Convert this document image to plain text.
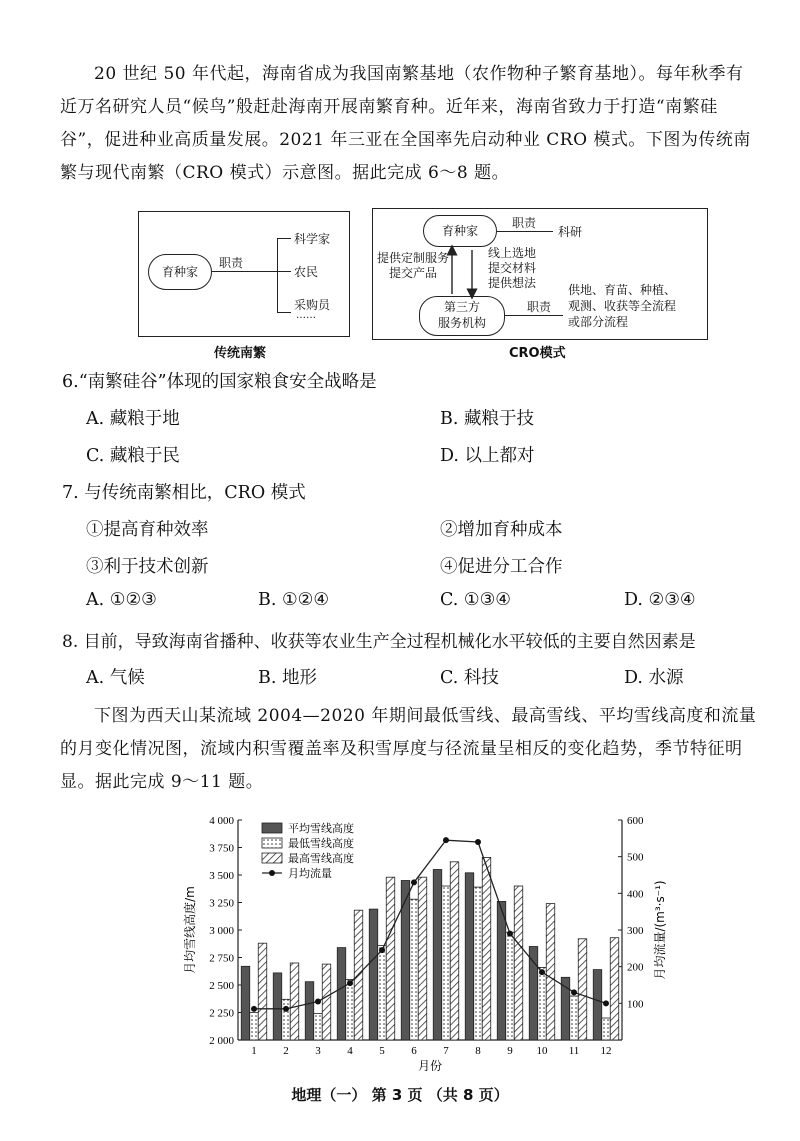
20 世纪 50 年代起，海南省成为我国南繁基地（农作物种子繁育基地）。每年秋季有近万名研究人员“候鸟”般赶赴海南开展南繁育种。近年来，海南省致力于打造“南繁硅谷”，促进种业高质量发展。2021 年三亚在全国率先启动种业 CRO 模式。下图为传统南繁与现代南繁（CRO 模式）示意图。据此完成 6～8 题。
育种家
职责
科学家
农民
采购员
……
传统南繁
育种家
职责
科研
提供定制服务
提交产品
线上选地
提交材料
提供想法
第三方
服务机构
职责
供地、育苗、种植、
观测、收获等全流程
或部分流程
CRO模式
6.“南繁硅谷”体现的国家粮食安全战略是
A. 藏粮于地	B. 藏粮于技
C. 藏粮于民	D. 以上都对
7. 与传统南繁相比，CRO 模式
①提高育种效率	②增加育种成本
③利于技术创新	④促进分工合作
A. ①②③	B. ①②④	C. ①③④	D. ②③④
8. 目前，导致海南省播种、收获等农业生产全过程机械化水平较低的主要自然因素是
A. 气候	B. 地形	C. 科技	D. 水源
下图为西天山某流域 2004—2020 年期间最低雪线、最高雪线、平均雪线高度和流量的月变化情况图，流域内积雪覆盖率及积雪厚度与径流量呈相反的变化趋势，季节特征明显。据此完成 9～11 题。
2 000
2 250
2 500
2 750
3 000
3 250
3 500
3 750
4 000
100
200
300
400
500
600
月均雪线高度/m	月均流量/(m³·s⁻¹)
月份
1 2 3 4 5 6 7 8 9 10 11 12
平均雪线高度
最低雪线高度
最高雪线高度
月均流量
地理（一） 第 3 页 （共 8 页）
